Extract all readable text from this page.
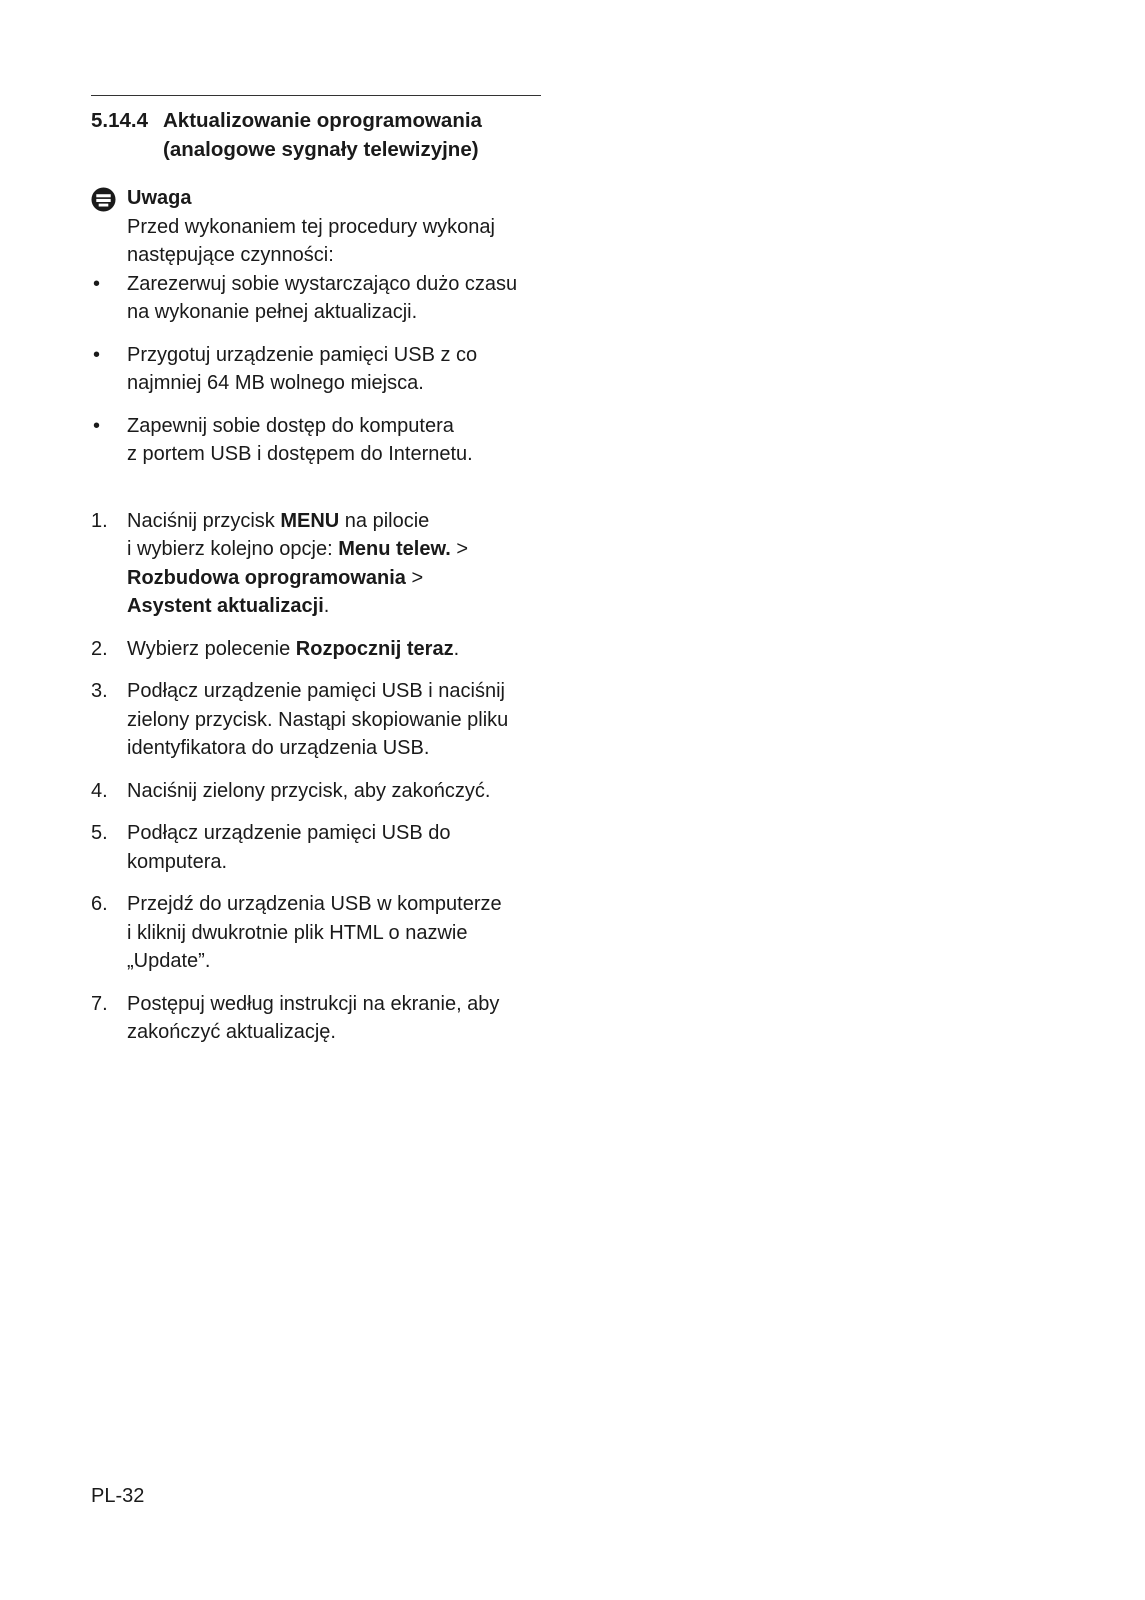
5.14.4 Aktualizowanie oprogramowania
(analogowe sygnały telewizyjne)
Uwaga
Przed wykonaniem tej procedury wykonaj
następujące czynności:
• Zarezerwuj sobie wystarczająco dużo czasu
na wykonanie pełnej aktualizacji.
• Przygotuj urządzenie pamięci USB z co
najmniej 64 MB wolnego miejsca.
• Zapewnij sobie dostęp do komputera
z portem USB i dostępem do Internetu.
1. Naciśnij przycisk MENU na pilocie
i wybierz kolejno opcje: Menu telew. >
Rozbudowa oprogramowania >
Asystent aktualizacji.
2. Wybierz polecenie Rozpocznij teraz.
3. Podłącz urządzenie pamięci USB i naciśnij
zielony przycisk. Nastąpi skopiowanie pliku
identyfikatora do urządzenia USB.
4. Naciśnij zielony przycisk, aby zakończyć.
5. Podłącz urządzenie pamięci USB do
komputera.
6. Przejdź do urządzenia USB w komputerze
i kliknij dwukrotnie plik HTML o nazwie
„Update”.
7. Postępuj według instrukcji na ekranie, aby
zakończyć aktualizację.
PL-32
